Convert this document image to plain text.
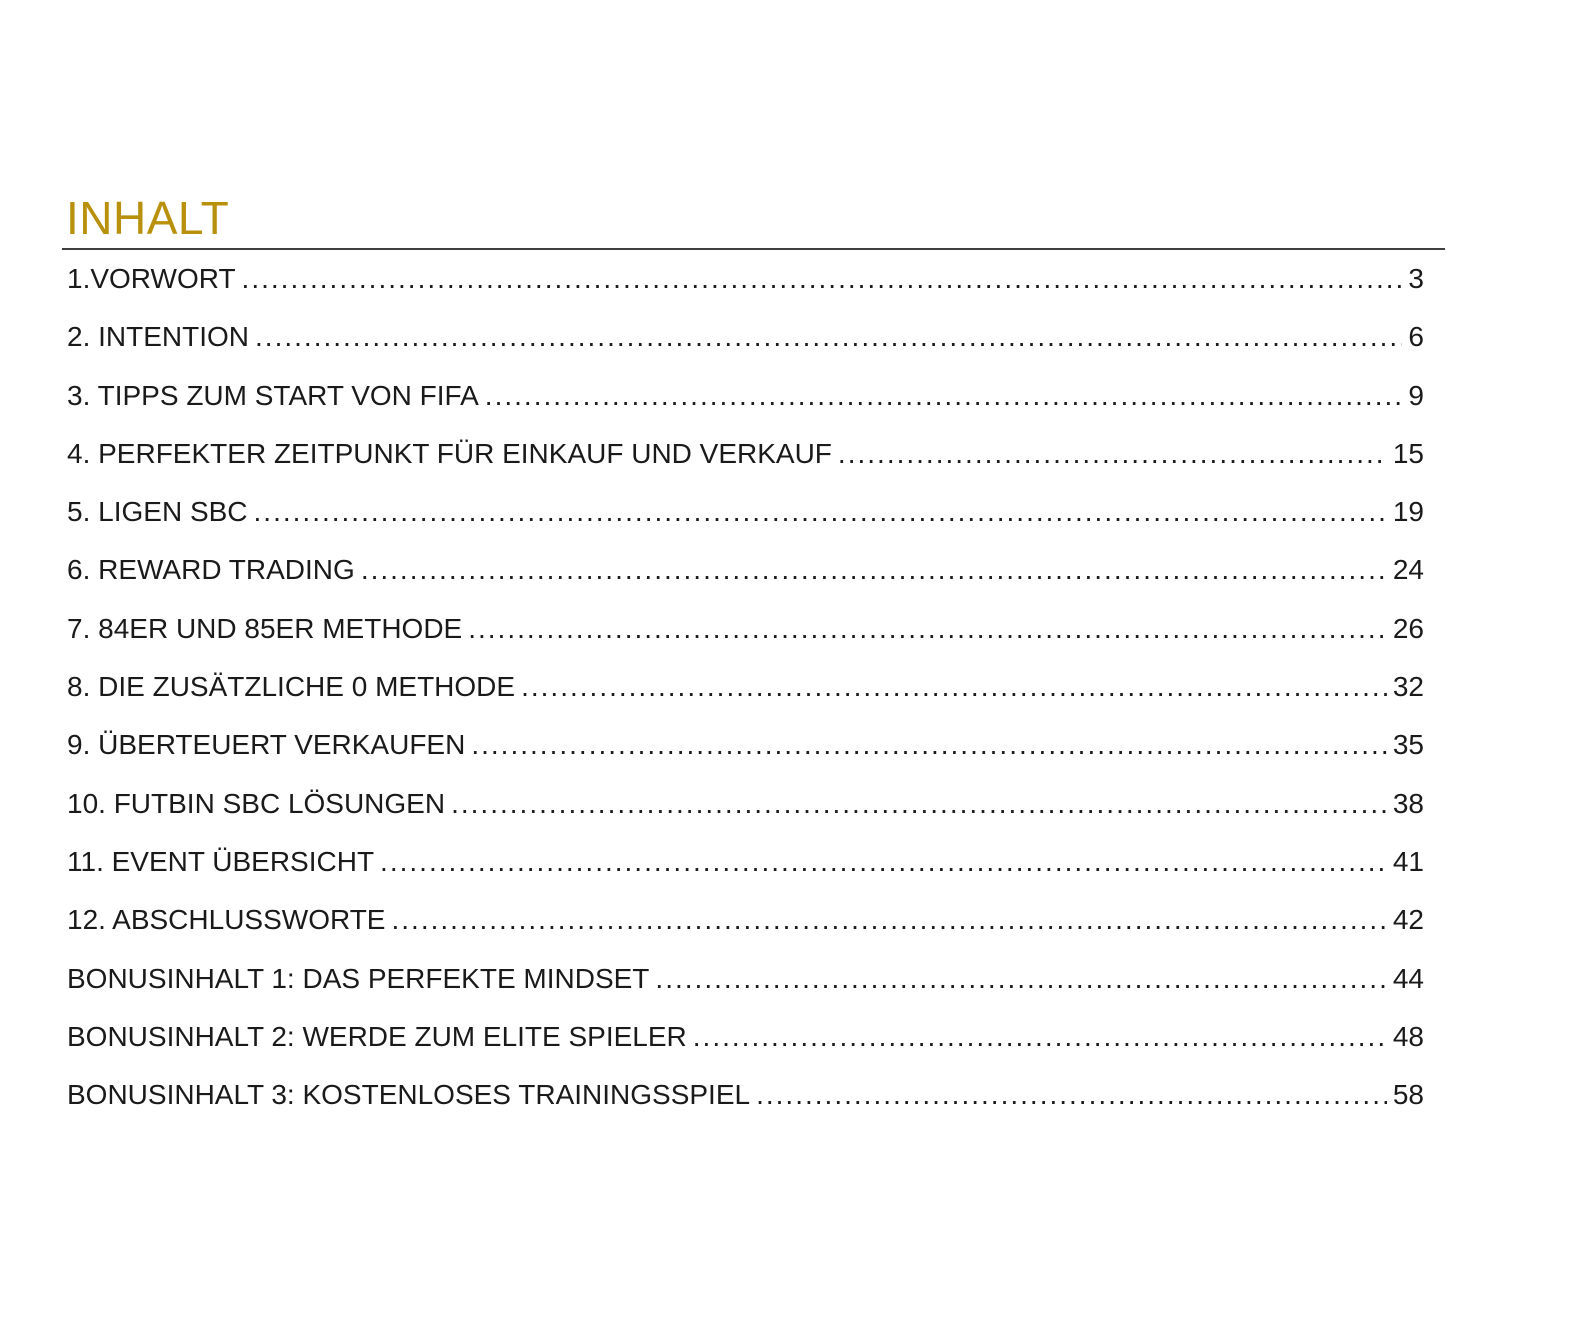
INHALT
1.VORWORT .....	3
2. INTENTION .....	6
3. TIPPS ZUM START VON FIFA .....	9
4. PERFEKTER ZEITPUNKT FÜR EINKAUF UND VERKAUF .....	15
5. LIGEN SBC .....	19
6. REWARD TRADING .....	24
7. 84ER UND 85ER METHODE .....	26
8. DIE ZUSÄTZLICHE 0 METHODE .....	32
9. ÜBERTEUERT VERKAUFEN .....	35
10. FUTBIN SBC LÖSUNGEN .....	38
11. EVENT ÜBERSICHT .....	41
12. ABSCHLUSSWORTE .....	42
BONUSINHALT 1: DAS PERFEKTE MINDSET .....	44
BONUSINHALT 2: WERDE ZUM ELITE SPIELER .....	48
BONUSINHALT 3: KOSTENLOSES TRAININGSSPIEL .....	58
